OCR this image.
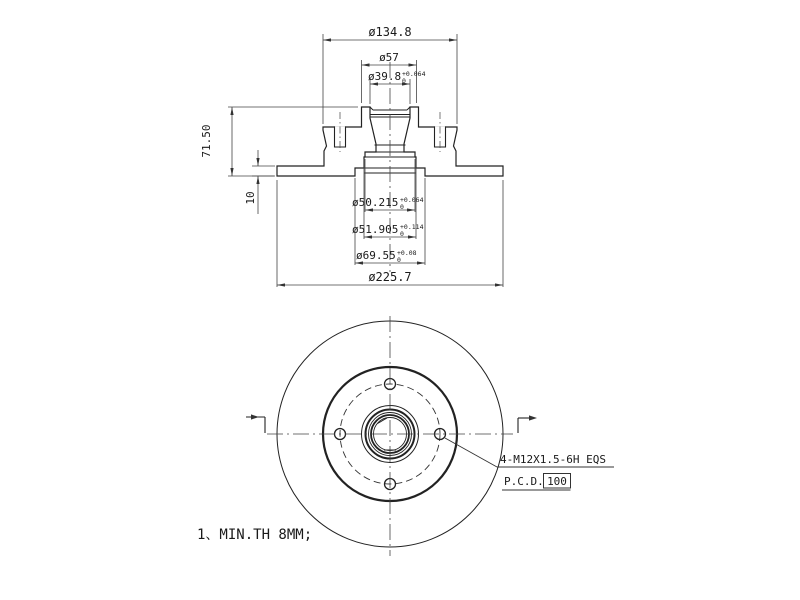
ø134.8
ø57
ø39.8 +0.064
0
71.50
10	ø50.215 +0.064
0
ø51.905 +0.114
0
ø69.55 +0.08
0
ø225.7
4-M12X1.5-6H EQS
P.C.D. 100
1、MIN.TH 8MM;
